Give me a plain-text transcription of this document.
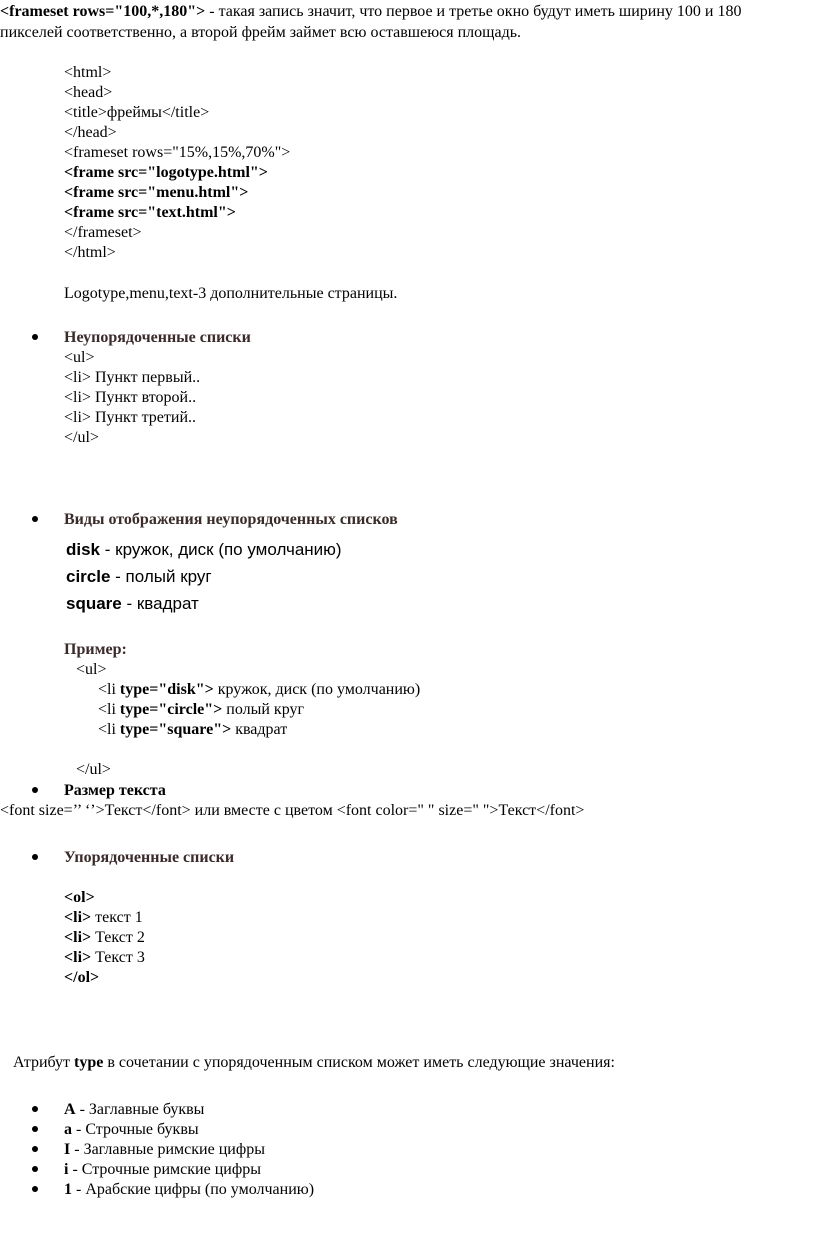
<frameset rows="100,*,180"> - такая запись значит, что первое и третье окно будут иметь ширину 100 и 180
пикселей соответственно, а второй фрейм займет всю оставшеюся площадь.
<html>
<head>
<title>фреймы</title>
</head>
<frameset rows="15%,15%,70%">
<frame src="logotype.html">
<frame src="menu.html">
<frame src="text.html">
</frameset>
</html>
Logotype,menu,text-3 дополнительные страницы.
Неупорядоченные списки
<ul>
<li> Пункт первый..
<li> Пункт второй..
<li> Пункт третий..
</ul>
Виды отображения неупорядоченных списков
disk - кружок, диск (по умолчанию)
circle - полый круг
square - квадрат
Пример:
<ul>
<li type="disk"> кружок, диск (по умолчанию)
<li type="circle"> полый круг
<li type="square"> квадрат
</ul>
Размер текста
<font size=’’ ‘’>Текст</font> или вместе с цветом <font color=" " size=" ">Текст</font>
Упорядоченные списки
<ol>
<li> текст 1
<li> Текст 2
<li> Текст 3
</ol>
Атрибут type в сочетании с упорядоченным списком может иметь следующие значения:
A - Заглавные буквы
a - Строчные буквы
I - Заглавные римские цифры
i - Строчные римские цифры
1 - Арабские цифры (по умолчанию)
